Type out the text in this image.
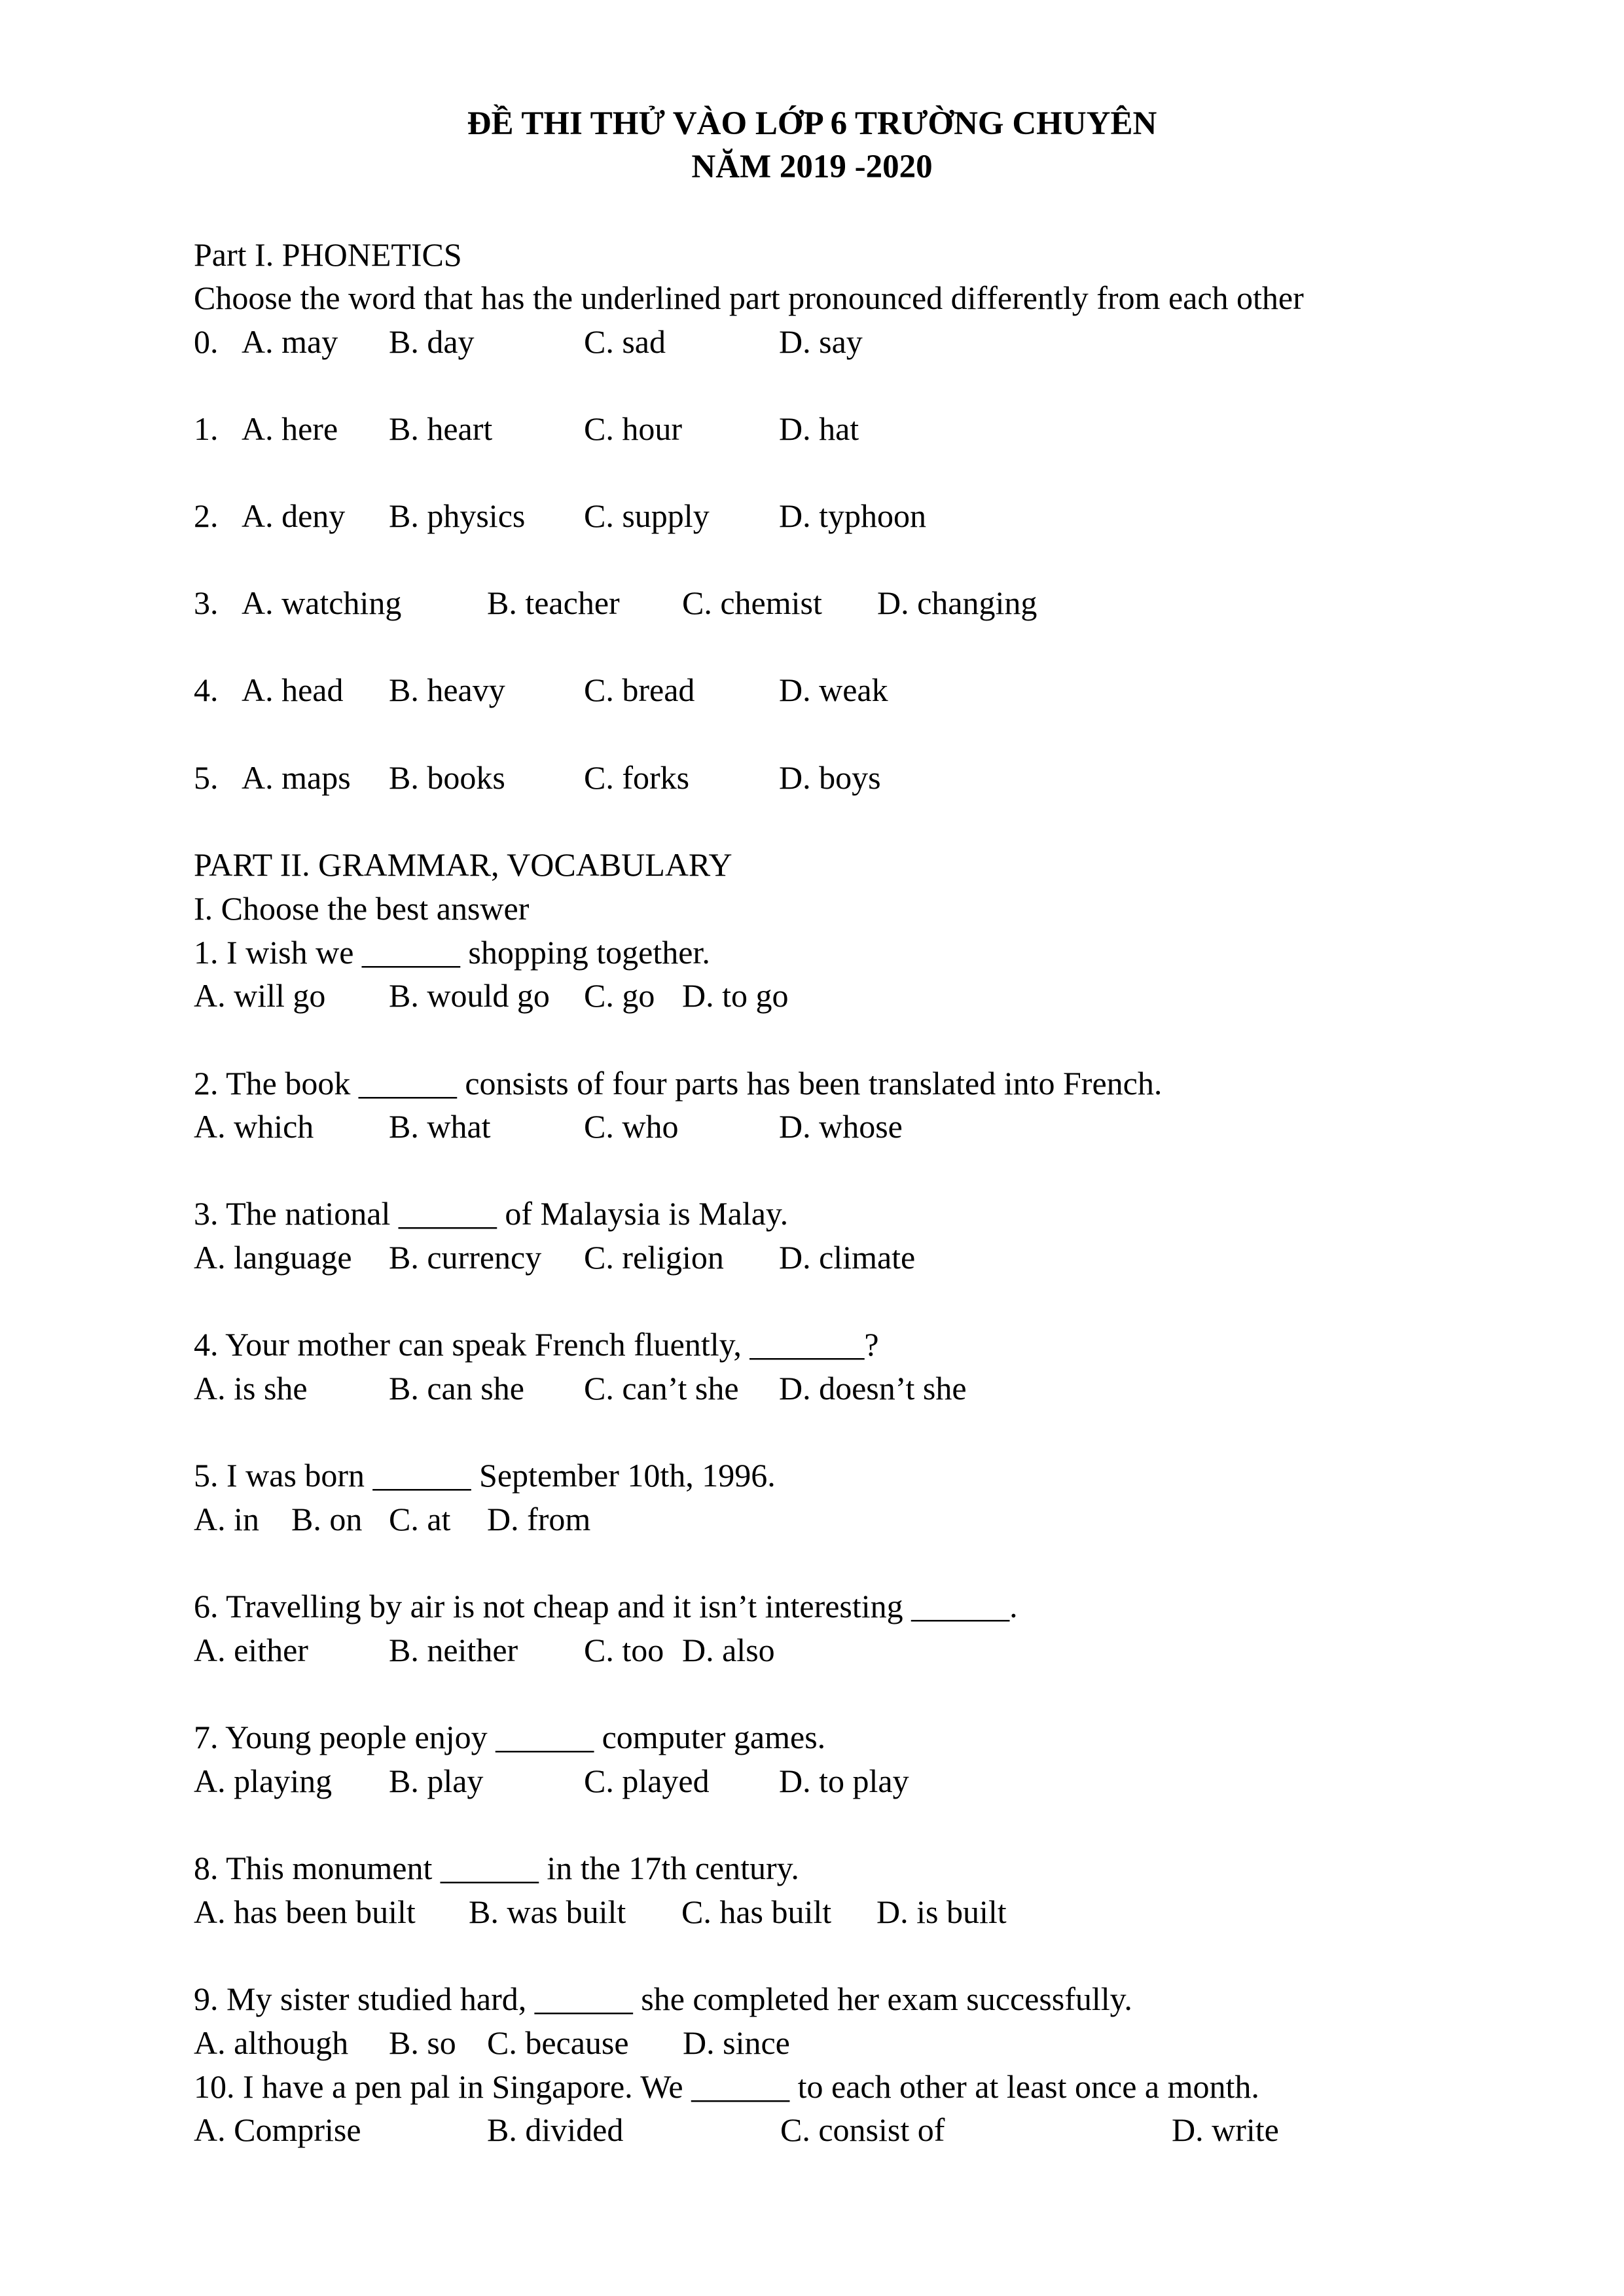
ĐỀ THI THỬ VÀO LỚP 6 TRƯỜNG CHUYÊN
NĂM 2019 -2020
Part I. PHONETICS
Choose the word that has the underlined part pronounced differently from each other
0. A. may B. day	C. sad	D. say
1. A. here B. heart	C. hour	D. hat
2. A. deny B. physics C. supply D. typhoon
3. A. watching	B. teacher C. chemist D. changing
4. A. head B. heavy C. bread	D. weak
5. A. maps B. books C. forks	D. boys
PART II. GRAMMAR, VOCABULARY
I. Choose the best answer
1. I wish we ______ shopping together.
A. will go B. would go C. go D. to go
2. The book ______ consists of four parts has been translated into French.
A. which B. what	C. who	D. whose
3. The national ______ of Malaysia is Malay.
A. language B. currency C. religion D. climate
4. Your mother can speak French fluently, _______?
A. is she B. can she C. can’t she D. doesn’t she
5. I was born ______ September 10th, 1996.
A. in B. on C. at D. from
6. Travelling by air is not cheap and it isn’t interesting ______.
A. either B. neither C. too D. also
7. Young people enjoy ______ computer games.
A. playing B. play	C. played D. to play
8. This monument ______ in the 17th century.
A. has been built B. was built C. has built D. is built
9. My sister studied hard, ______ she completed her exam successfully.
A. although B. so C. because D. since
10. I have a pen pal in Singapore. We ______ to each other at least once a month.
A. Comprise	B. divided	C. consist of	D. write
